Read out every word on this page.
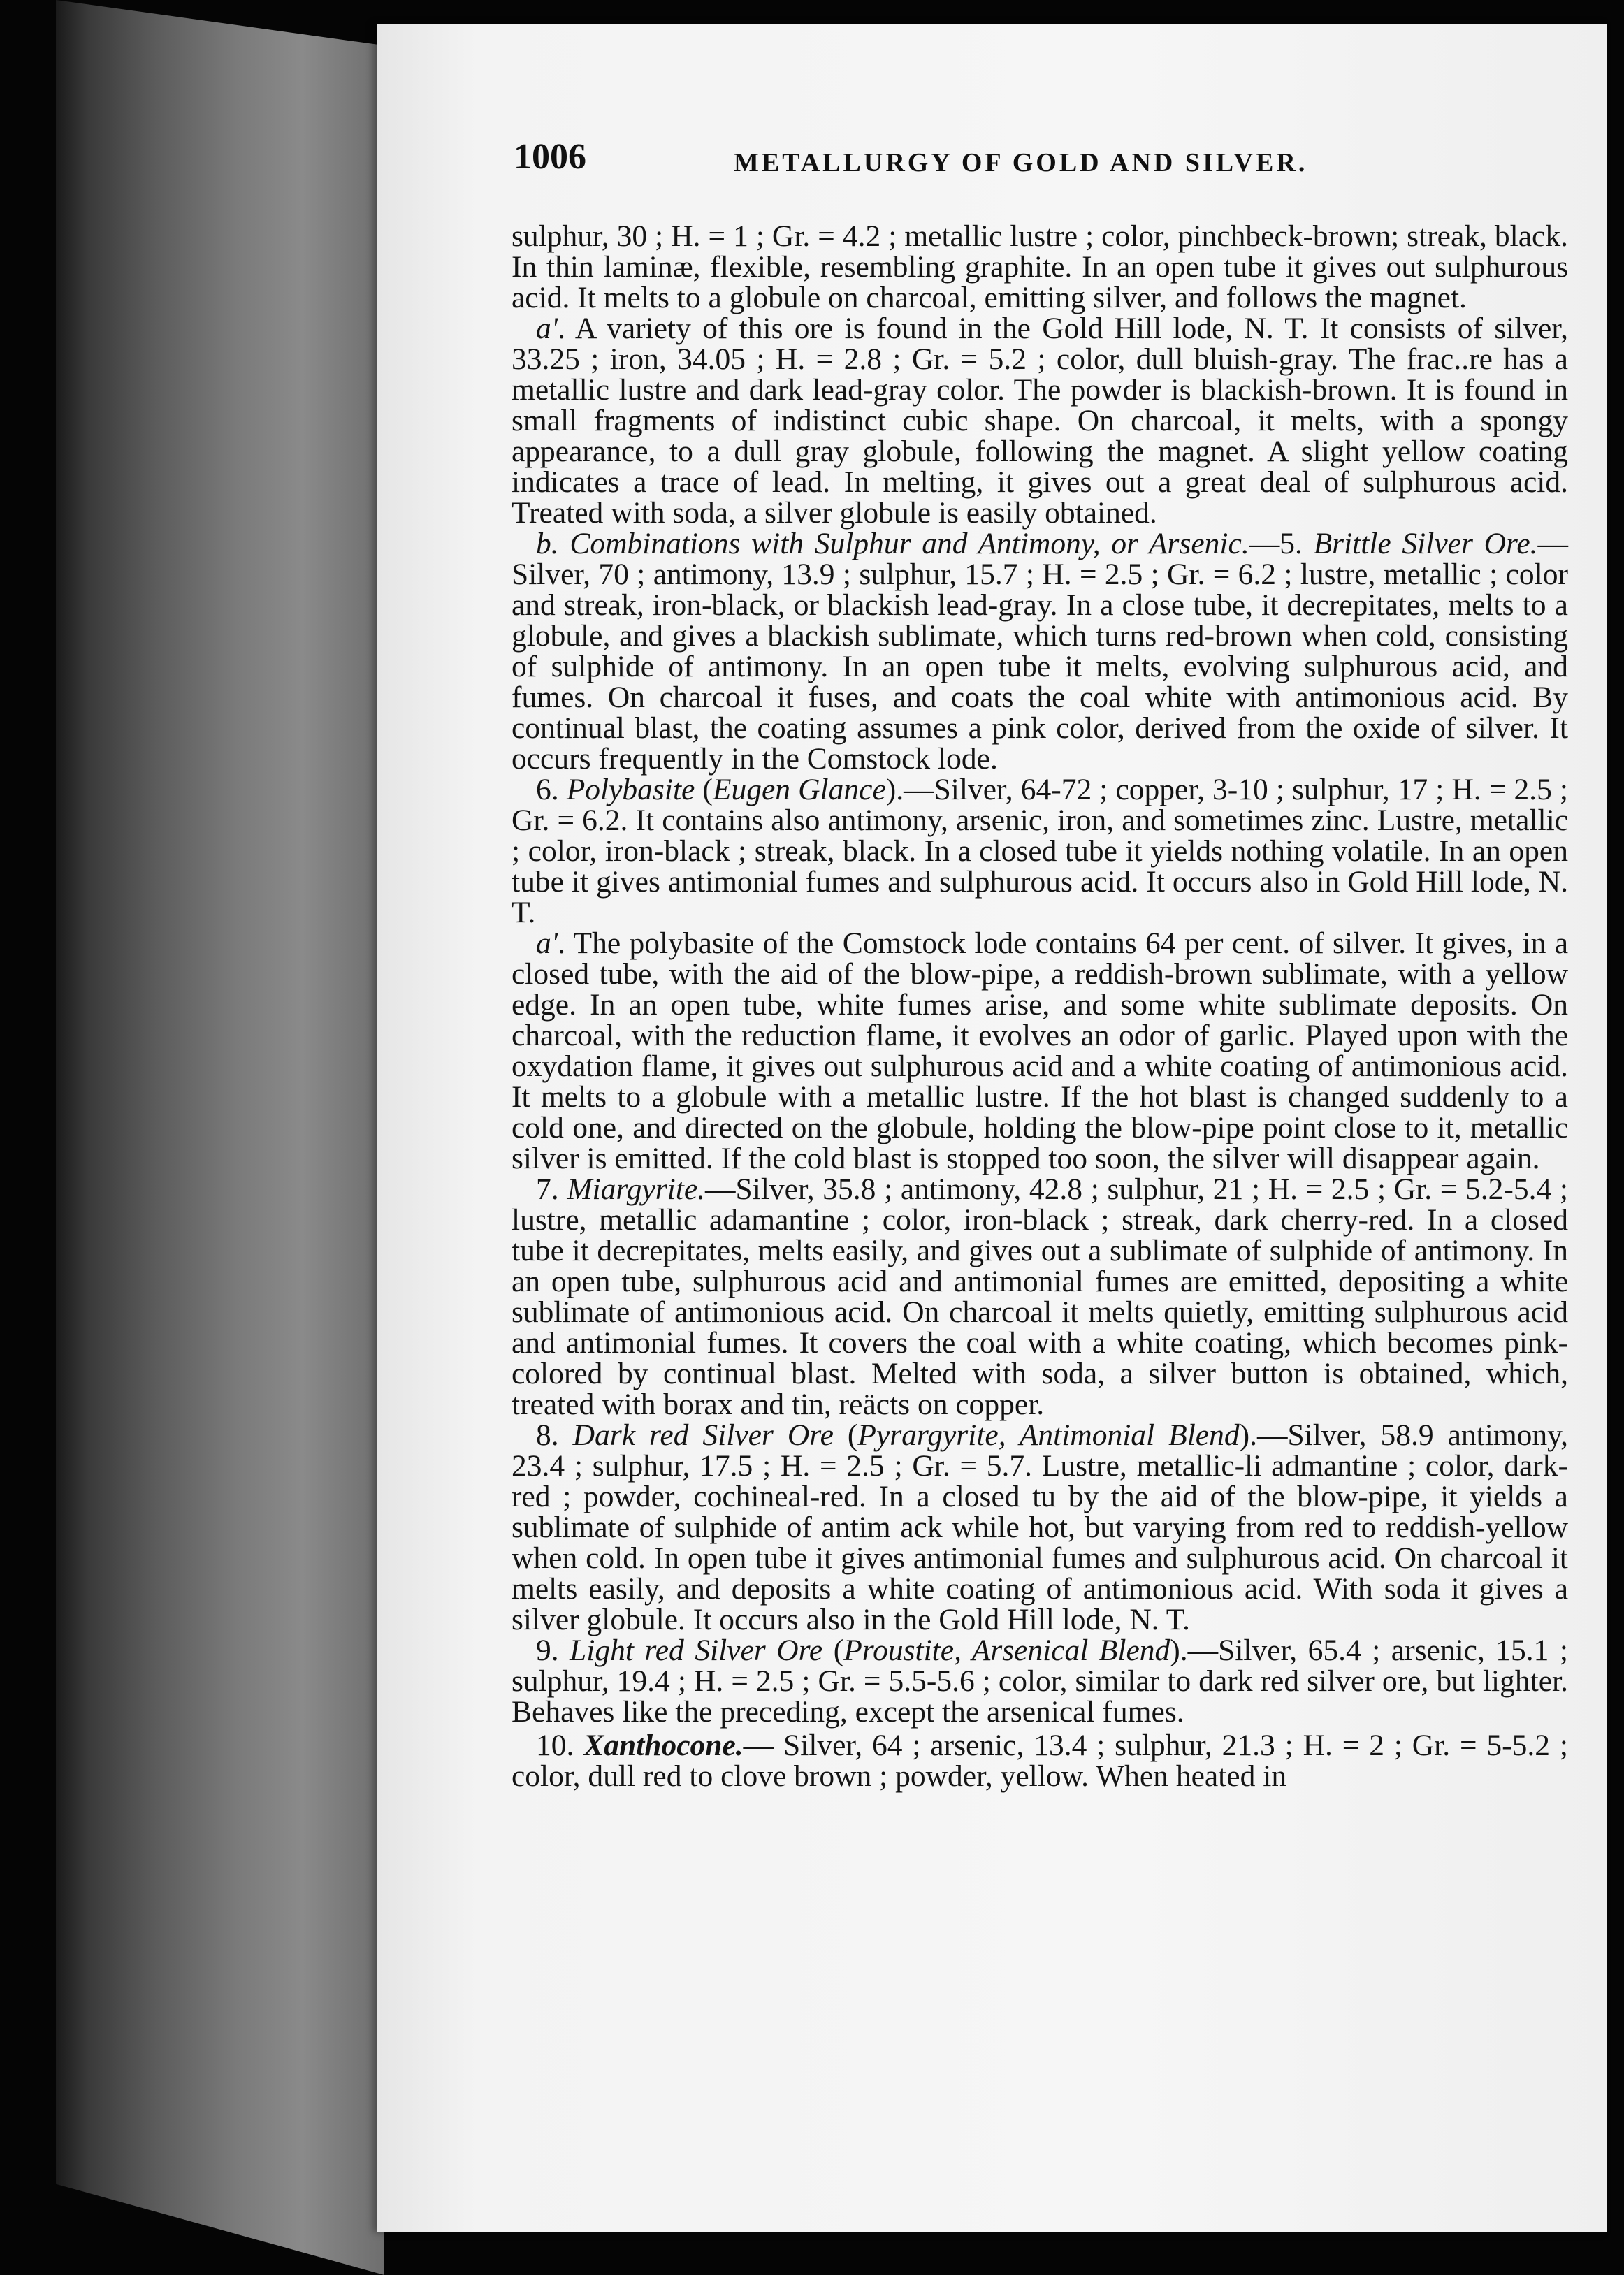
1006	METALLURGY OF GOLD AND SILVER.

sulphur, 30 ; H. = 1 ; Gr. = 4.2 ; metallic lustre ; color, pinchbeck-brown; streak, black. In thin laminæ, flexible, resembling graphite. In an open tube it gives out sulphurous acid. It melts to a globule on charcoal, emitting silver, and follows the magnet.

a'. A variety of this ore is found in the Gold Hill lode, N. T. It consists of silver, 33.25 ; iron, 34.05 ; H. = 2.8 ; Gr. = 5.2 ; color, dull bluish-gray. The frac..re has a metallic lustre and dark lead-gray color. The powder is blackish-brown. It is found in small fragments of indistinct cubic shape. On charcoal, it melts, with a spongy appearance, to a dull gray globule, following the magnet. A slight yellow coating indicates a trace of lead. In melting, it gives out a great deal of sulphurous acid. Treated with soda, a silver globule is easily obtained.

b. Combinations with Sulphur and Antimony, or Arsenic.—5. Brittle Silver Ore.—Silver, 70 ; antimony, 13.9 ; sulphur, 15.7 ; H. = 2.5 ; Gr. = 6.2 ; lustre, metallic ; color and streak, iron-black, or blackish lead-gray. In a close tube, it decrepitates, melts to a globule, and gives a blackish sublimate, which turns red-brown when cold, consisting of sulphide of antimony. In an open tube it melts, evolving sulphurous acid, and fumes. On charcoal it fuses, and coats the coal white with antimonious acid. By continual blast, the coating assumes a pink color, derived from the oxide of silver. It occurs frequently in the Comstock lode.

6. Polybasite (Eugen Glance).—Silver, 64-72 ; copper, 3-10 ; sulphur, 17 ; H. = 2.5 ; Gr. = 6.2. It contains also antimony, arsenic, iron, and sometimes zinc. Lustre, metallic ; color, iron-black ; streak, black. In a closed tube it yields nothing volatile. In an open tube it gives antimonial fumes and sulphurous acid. It occurs also in Gold Hill lode, N. T.

a'. The polybasite of the Comstock lode contains 64 per cent. of silver. It gives, in a closed tube, with the aid of the blow-pipe, a reddish-brown sublimate, with a yellow edge. In an open tube, white fumes arise, and some white sublimate deposits. On charcoal, with the reduction flame, it evolves an odor of garlic. Played upon with the oxydation flame, it gives out sulphurous acid and a white coating of antimonious acid. It melts to a globule with a metallic lustre. If the hot blast is changed suddenly to a cold one, and directed on the globule, holding the blow-pipe point close to it, metallic silver is emitted. If the cold blast is stopped too soon, the silver will disappear again.

7. Miargyrite.—Silver, 35.8 ; antimony, 42.8 ; sulphur, 21 ; H. = 2.5 ; Gr. = 5.2-5.4 ; lustre, metallic adamantine ; color, iron-black ; streak, dark cherry-red. In a closed tube it decrepitates, melts easily, and gives out a sublimate of sulphide of antimony. In an open tube, sulphurous acid and antimonial fumes are emitted, depositing a white sublimate of antimonious acid. On charcoal it melts quietly, emitting sulphurous acid and antimonial fumes. It covers the coal with a white coating, which becomes pink-colored by continual blast. Melted with soda, a silver button is obtained, which, treated with borax and tin, reäcts on copper.

8. Dark red Silver Ore (Pyrargyrite, Antimonial Blend).—Silver, 58.9 antimony, 23.4 ; sulphur, 17.5 ; H. = 2.5 ; Gr. = 5.7. Lustre, metallic-li admantine ; color, dark-red ; powder, cochineal-red. In a closed tu by the aid of the blow-pipe, it yields a sublimate of sulphide of antim ack while hot, but varying from red to reddish-yellow when cold. In open tube it gives antimonial fumes and sulphurous acid. On charcoal it melts easily, and deposits a white coating of antimonious acid. With soda it gives a silver globule. It occurs also in the Gold Hill lode, N. T.

9. Light red Silver Ore (Proustite, Arsenical Blend).—Silver, 65.4 ; arsenic, 15.1 ; sulphur, 19.4 ; H. = 2.5 ; Gr. = 5.5-5.6 ; color, similar to dark red silver ore, but lighter. Behaves like the preceding, except the arsenical fumes.

10. Xanthocone.— Silver, 64 ; arsenic, 13.4 ; sulphur, 21.3 ; H. = 2 ; Gr. = 5-5.2 ; color, dull red to clove brown ; powder, yellow. When heated in
